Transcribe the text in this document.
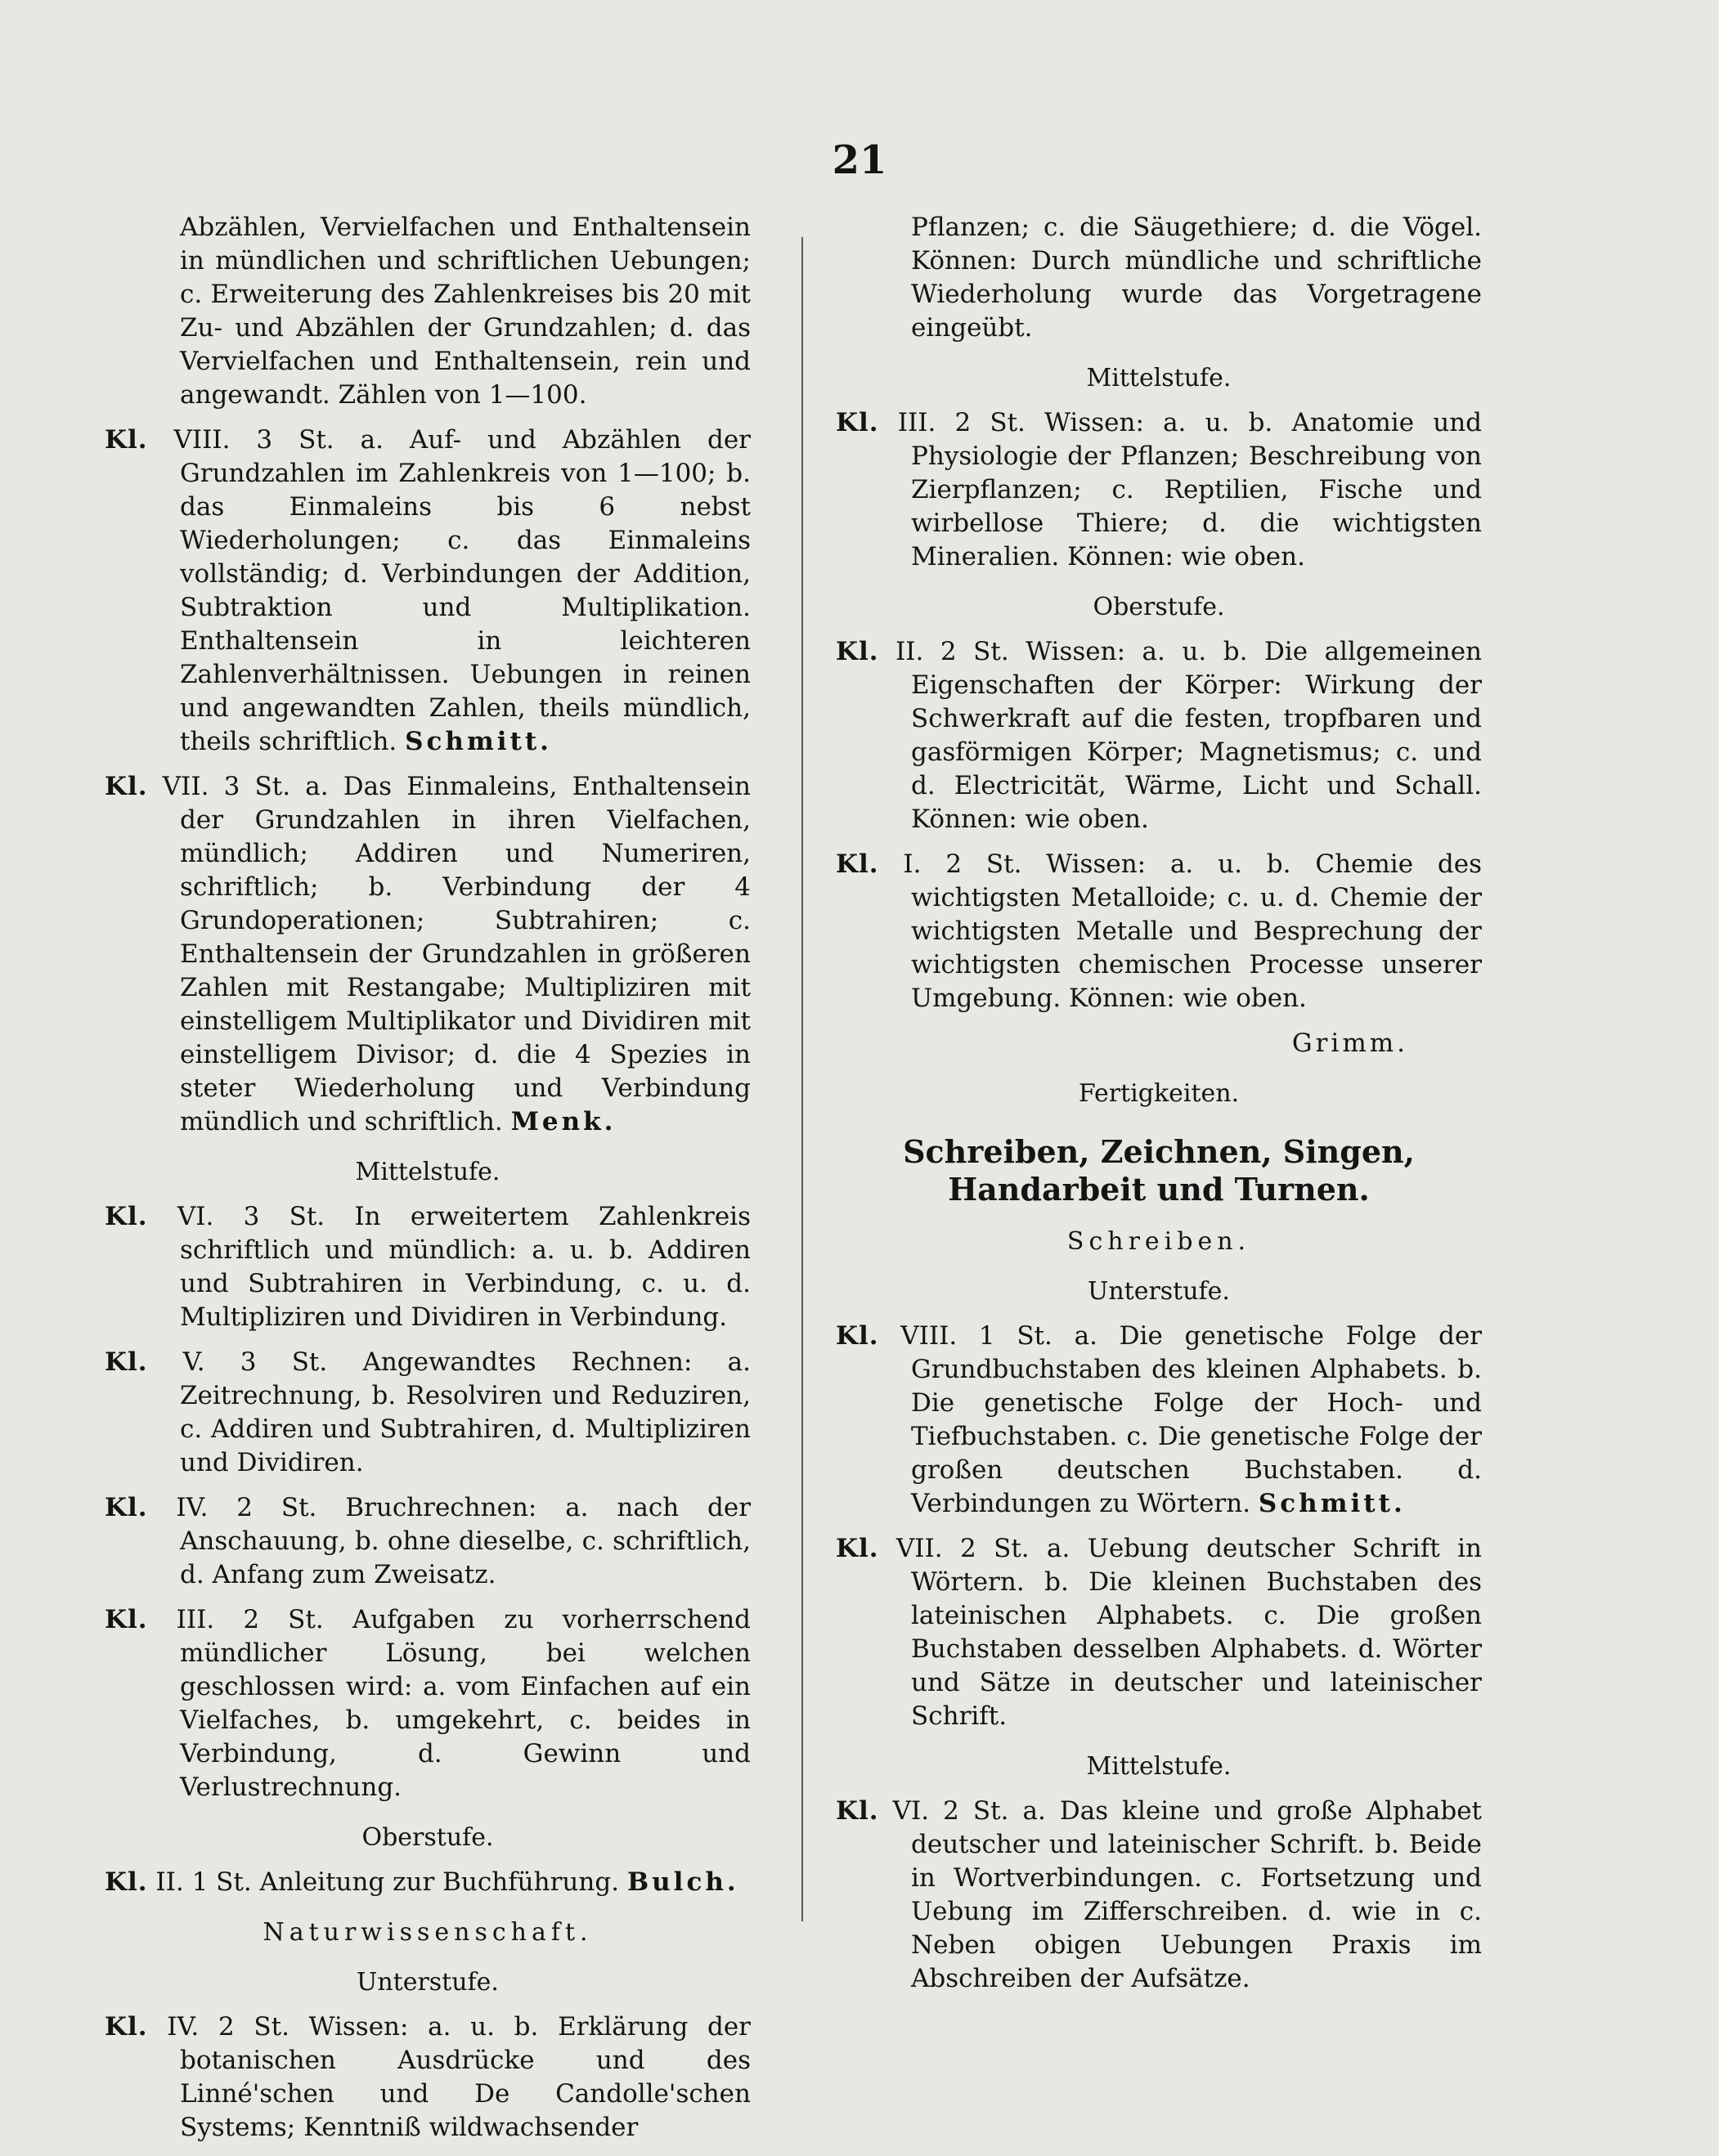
21

Abzählen, Vervielfachen und Enthaltensein in mündlichen und schriftlichen Uebungen; c. Erweiterung des Zahlenkreises bis 20 mit Zu- und Abzählen der Grundzahlen; d. das Vervielfachen und Enthaltensein, rein und angewandt. Zählen von 1—100.

Kl. VIII. 3 St. a. Auf- und Abzählen der Grundzahlen im Zahlenkreis von 1—100; b. das Einmaleins bis 6 nebst Wiederholungen; c. das Einmaleins vollständig; d. Verbindungen der Addition, Subtraktion und Multiplikation. Enthaltensein in leichteren Zahlenverhältnissen. Uebungen in reinen und angewandten Zahlen, theils mündlich, theils schriftlich. Schmitt.

Kl. VII. 3 St. a. Das Einmaleins, Enthaltensein der Grundzahlen in ihren Vielfachen, mündlich; Addiren und Numeriren, schriftlich; b. Verbindung der 4 Grundoperationen; Subtrahiren; c. Enthaltensein der Grundzahlen in größeren Zahlen mit Restangabe; Multipliziren mit einstelligem Multiplikator und Dividiren mit einstelligem Divisor; d. die 4 Spezies in steter Wiederholung und Verbindung mündlich und schriftlich. Menk.

Mittelstufe.

Kl. VI. 3 St. In erweitertem Zahlenkreis schriftlich und mündlich: a. u. b. Addiren und Subtrahiren in Verbindung, c. u. d. Multipliziren und Dividiren in Verbindung.

Kl. V. 3 St. Angewandtes Rechnen: a. Zeitrechnung, b. Resolviren und Reduziren, c. Addiren und Subtrahiren, d. Multipliziren und Dividiren.

Kl. IV. 2 St. Bruchrechnen: a. nach der Anschauung, b. ohne dieselbe, c. schriftlich, d. Anfang zum Zweisatz.

Kl. III. 2 St. Aufgaben zu vorherrschend mündlicher Lösung, bei welchen geschlossen wird: a. vom Einfachen auf ein Vielfaches, b. umgekehrt, c. beides in Verbindung, d. Gewinn und Verlustrechnung.

Oberstufe.

Kl. II. 1 St. Anleitung zur Buchführung. Bulch.

Naturwissenschaft.
Unterstufe.

Kl. IV. 2 St. Wissen: a. u. b. Erklärung der botanischen Ausdrücke und des Linné'schen und De Candolle'schen Systems; Kenntniß wildwachsender

Pflanzen; c. die Säugethiere; d. die Vögel. Können: Durch mündliche und schriftliche Wiederholung wurde das Vorgetragene eingeübt.

Mittelstufe.

Kl. III. 2 St. Wissen: a. u. b. Anatomie und Physiologie der Pflanzen; Beschreibung von Zierpflanzen; c. Reptilien, Fische und wirbellose Thiere; d. die wichtigsten Mineralien. Können: wie oben.

Oberstufe.

Kl. II. 2 St. Wissen: a. u. b. Die allgemeinen Eigenschaften der Körper: Wirkung der Schwerkraft auf die festen, tropfbaren und gasförmigen Körper; Magnetismus; c. und d. Electricität, Wärme, Licht und Schall. Können: wie oben.

Kl. I. 2 St. Wissen: a. u. b. Chemie des wichtigsten Metalloide; c. u. d. Chemie der wichtigsten Metalle und Besprechung der wichtigsten chemischen Processe unserer Umgebung. Können: wie oben.

Grimm.
Fertigkeiten.
Schreiben, Zeichnen, Singen, Handarbeit und Turnen.
Schreiben.
Unterstufe.

Kl. VIII. 1 St. a. Die genetische Folge der Grundbuchstaben des kleinen Alphabets. b. Die genetische Folge der Hoch- und Tiefbuchstaben. c. Die genetische Folge der großen deutschen Buchstaben. d. Verbindungen zu Wörtern. Schmitt.

Kl. VII. 2 St. a. Uebung deutscher Schrift in Wörtern. b. Die kleinen Buchstaben des lateinischen Alphabets. c. Die großen Buchstaben desselben Alphabets. d. Wörter und Sätze in deutscher und lateinischer Schrift.

Mittelstufe.

Kl. VI. 2 St. a. Das kleine und große Alphabet deutscher und lateinischer Schrift. b. Beide in Wortverbindungen. c. Fortsetzung und Uebung im Zifferschreiben. d. wie in c. Neben obigen Uebungen Praxis im Abschreiben der Aufsätze.
